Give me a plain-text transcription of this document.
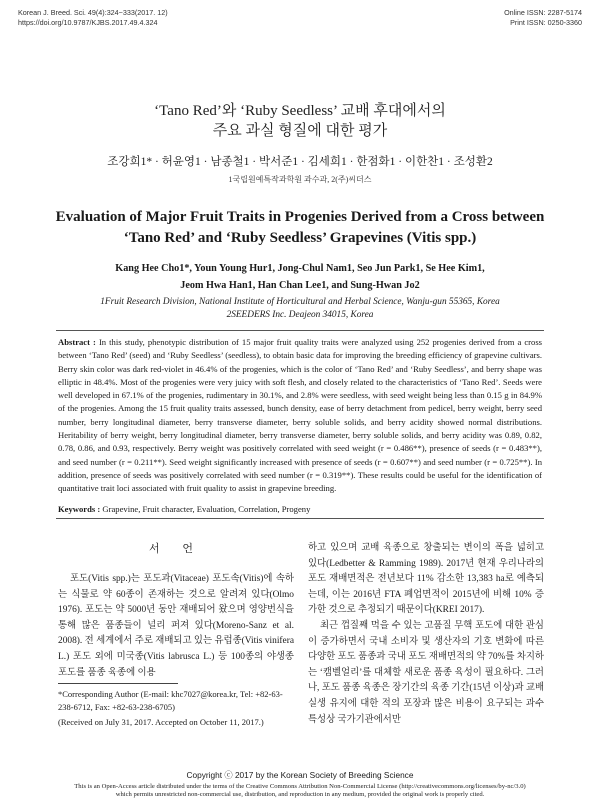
Korean J. Breed. Sci. 49(4):324~333(2017. 12)
https://doi.org/10.9787/KJBS.2017.49.4.324
Online ISSN: 2287-5174
Print ISSN: 0250-3360
‘Tano Red’와 ‘Ruby Seedless’ 교배 후대에서의
주요 과실 형질에 대한 평가
조강희1* · 허윤영1 · 남종철1 · 박서준1 · 김세희1 · 한점화1 · 이한찬1 · 조성환2
1국립원예특작과학원 과수과, 2(주)씨더스
Evaluation of Major Fruit Traits in Progenies Derived from a Cross between
‘Tano Red’ and ‘Ruby Seedless’ Grapevines (Vitis spp.)
Kang Hee Cho1*, Youn Young Hur1, Jong-Chul Nam1, Seo Jun Park1, Se Hee Kim1,
Jeom Hwa Han1, Han Chan Lee1, and Sung-Hwan Jo2
1Fruit Research Division, National Institute of Horticultural and Herbal Science, Wanju-gun 55365, Korea
2SEEDERS Inc. Deajeon 34015, Korea
Abstract : In this study, phenotypic distribution of 15 major fruit quality traits were analyzed using 252 progenies derived from a cross between ‘Tano Red’ (seed) and ‘Ruby Seedless’ (seedless), to obtain basic data for improving the breeding efficiency of grapevine cultivars. Berry skin color was dark red-violet in 46.4% of the progenies, which is the color of ‘Tano Red’ and ‘Ruby Seedless’, and berry shape was elliptic in 48.4%. Most of the progenies were very juicy with soft flesh, and closely related to the characteristics of ‘Tano Red’. Seeds were well developed in 67.1% of the progenies, rudimentary in 30.1%, and 2.8% were seedless, with seed weight being less than 0.15 g in 84.9% of the progenies. Among the 15 fruit quality traits assessed, bunch density, ease of berry detachment from pedicel, berry weight, berry seed number, berry longitudinal diameter, berry transverse diameter, berry soluble solids, and berry acidity showed normal distributions. Heritability of berry weight, berry longitudinal diameter, berry transverse diameter, berry soluble solids, and berry acidity was 0.89, 0.82, 0.78, 0.86, and 0.93, respectively. Berry weight was positively correlated with seed weight (r = 0.486**), presence of seeds (r = 0.483**), and seed number (r = 0.211**). Seed weight significantly increased with presence of seeds (r = 0.607**) and seed number (r = 0.725**). In addition, presence of seeds was positively correlated with seed number (r = 0.319**). These results could be useful for the identification of quantitative trait loci associated with fruit quality to assist in grapevine breeding.
Keywords : Grapevine, Fruit character, Evaluation, Correlation, Progeny
서 언

포도(Vitis spp.)는 포도과(Vitaceae) 포도속(Vitis)에 속하는 식물로 약 60종이 존재하는 것으로 알려져 있다(Olmo 1976). 포도는 약 5000년 동안 재배되어 왔으며 영양번식을 통해 많은 품종들이 널리 퍼져 있다(Moreno-Sanz et al. 2008). 전 세계에서 주로 재배되고 있는 유럽종(Vitis vinifera L.) 포도 외에 미국종(Vitis labrusca L.) 등 100종의 야생종 포도를 품종 육종에 이용

*Corresponding Author (E-mail: khc7027@korea.kr, Tel: +82-63-238-6712, Fax: +82-63-238-6705)
(Received on July 31, 2017. Accepted on October 11, 2017.)

하고 있으며 교배 육종으로 창출되는 변이의 폭을 넓히고 있다(Ledbetter & Ramming 1989). 2017년 현재 우리나라의 포도 재배면적은 전년보다 11% 감소한 13,383 ha로 예측되는데, 이는 2016년 FTA 폐업면적이 2015년에 비해 10% 증가한 것으로 추정되기 때문이다(KREI 2017).

최근 껍질째 먹을 수 있는 고품질 무핵 포도에 대한 관심이 증가하면서 국내 소비자 및 생산자의 기호 변화에 따른 다양한 포도 품종과 국내 포도 재배면적의 약 70%를 차지하는 ‘캠벨얼리’를 대체할 새로운 품종 육성이 필요하다. 그러나, 포도 품종 육종은 장기간의 육종 기간(15년 이상)과 교배실생 유지에 대한 적의 포장과 많은 비용이 요구되는 과수 특성상 국가기관에서만

Copyright ⓒ 2017 by the Korean Society of Breeding Science
This is an Open-Access article distributed under the terms of the Creative Commons Attribution Non-Commercial License (http://creativecommons.org/licenses/by-nc/3.0)
which permits unrestricted non-commercial use, distribution, and reproduction in any medium, provided the original work is properly cited.
